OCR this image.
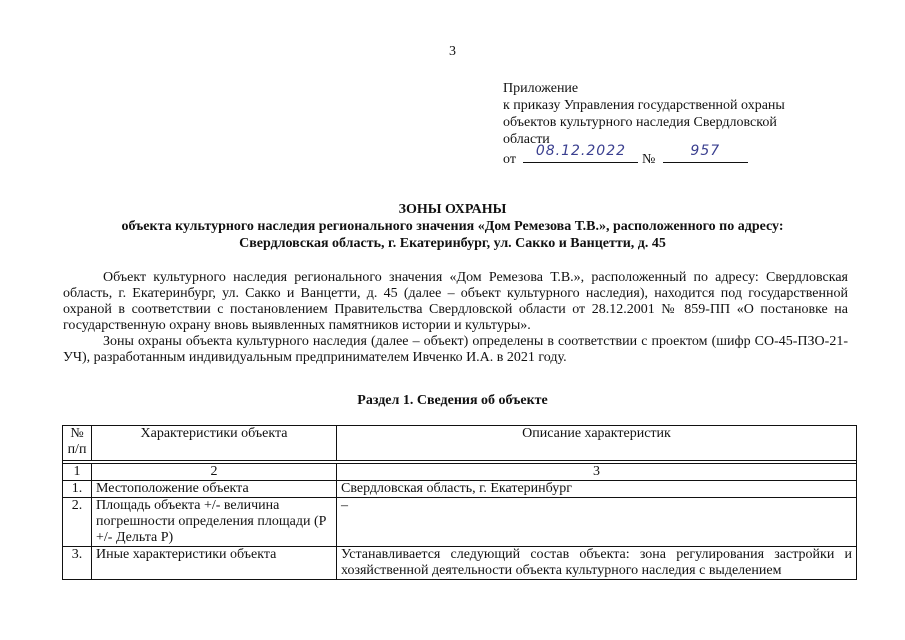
3
Приложение
к приказу Управления государственной охраны
объектов культурного наследия Свердловской
области
от
08.12.2022
№
957
ЗОНЫ ОХРАНЫ
объекта культурного наследия регионального значения «Дом Ремезова Т.В.», расположенного по адресу:
Свердловская область, г. Екатеринбург, ул. Сакко и Ванцетти, д. 45

Объект культурного наследия регионального значения «Дом Ремезова Т.В.», расположенный по адресу: Свердловская область, г. Екатеринбург, ул. Сакко и Ванцетти, д. 45 (далее – объект культурного наследия), находится под государственной охраной в соответствии с постановлением Правительства Свердловской области от 28.12.2001 № 859-ПП «О постановке на государственную охрану вновь выявленных памятников истории и культуры».

Зоны охраны объекта культурного наследия (далее – объект) определены в соответствии с проектом (шифр СО-45-ПЗО-21-УЧ), разработанным индивидуальным предпринимателем Ивченко И.А. в 2021 году.

Раздел 1. Сведения об объекте
№ п/п	Характеристики объекта	Описание характеристик

1	2	3
1.	Местоположение объекта	Свердловская область, г. Екатеринбург
2.	Площадь объекта +/- величина погрешности определения площади (Р +/- Дельта Р)	–
3.	Иные характеристики объекта	Устанавливается следующий состав объекта: зона регулирования застройки и хозяйственной деятельности объекта культурного наследия с выделением
